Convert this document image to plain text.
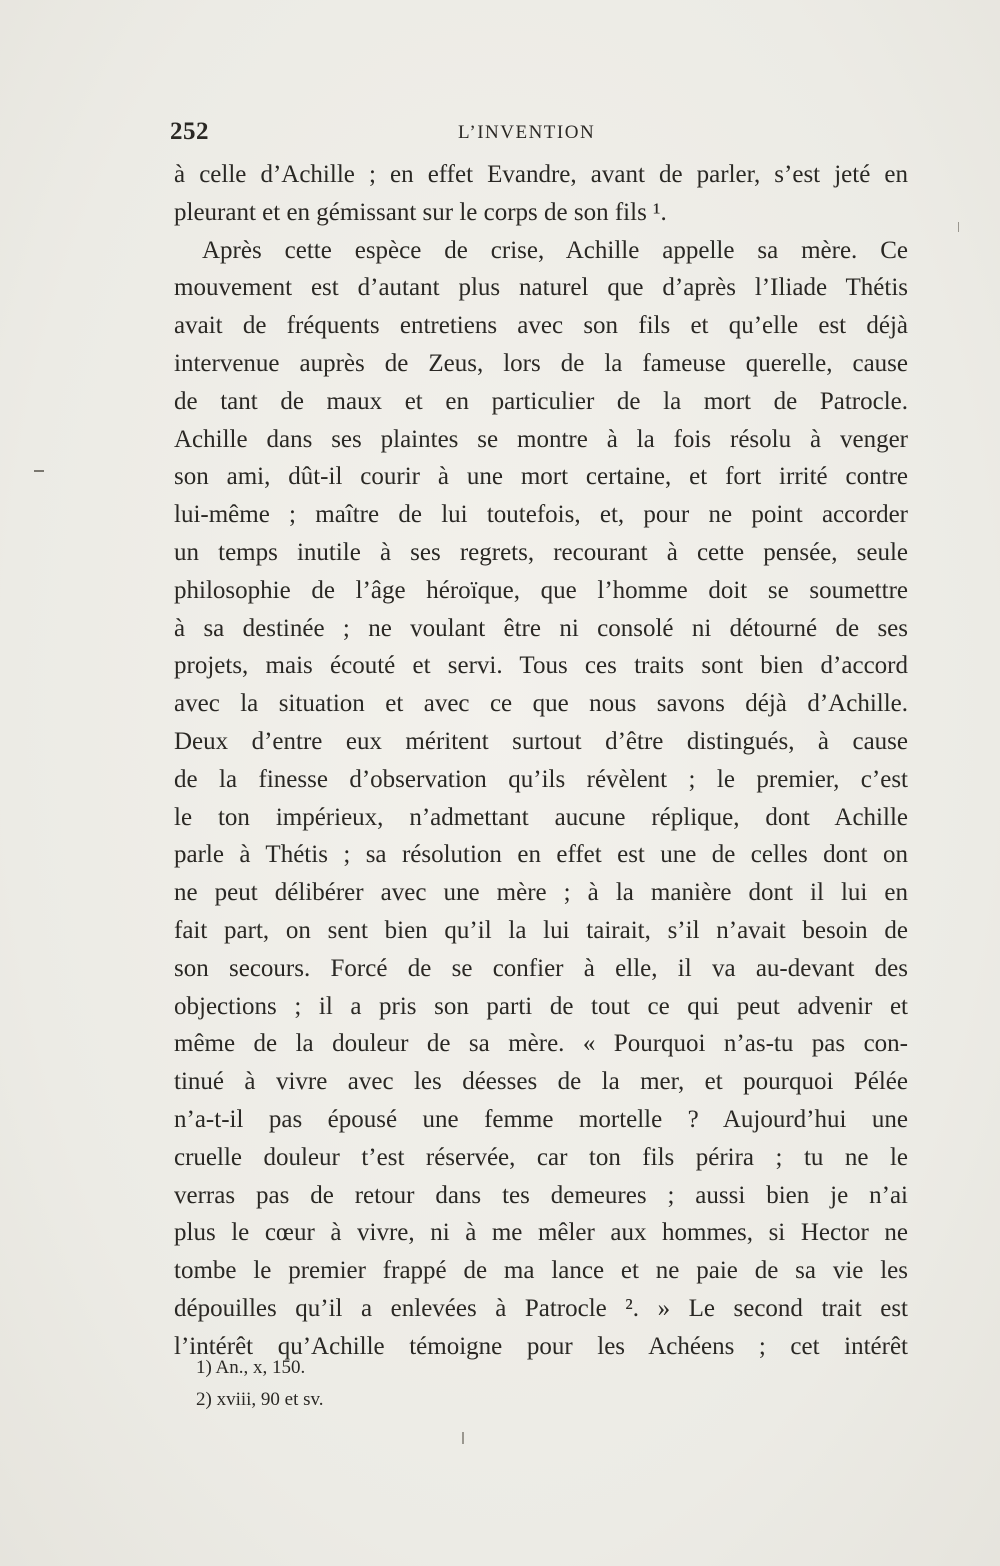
252	L’INVENTION
à celle d’Achille ; en effet Evandre, avant de parler, s’est jeté en
pleurant et en gémissant sur le corps de son fils ¹.
Après cette espèce de crise, Achille appelle sa mère. Ce
mouvement est d’autant plus naturel que d’après l’Iliade Thétis
avait de fréquents entretiens avec son fils et qu’elle est déjà
intervenue auprès de Zeus, lors de la fameuse querelle, cause
de tant de maux et en particulier de la mort de Patrocle.
Achille dans ses plaintes se montre à la fois résolu à venger
son ami, dût-il courir à une mort certaine, et fort irrité contre
lui-même ; maître de lui toutefois, et, pour ne point accorder
un temps inutile à ses regrets, recourant à cette pensée, seule
philosophie de l’âge héroïque, que l’homme doit se soumettre
à sa destinée ; ne voulant être ni consolé ni détourné de ses
projets, mais écouté et servi. Tous ces traits sont bien d’accord
avec la situation et avec ce que nous savons déjà d’Achille.
Deux d’entre eux méritent surtout d’être distingués, à cause
de la finesse d’observation qu’ils révèlent ; le premier, c’est
le ton impérieux, n’admettant aucune réplique, dont Achille
parle à Thétis ; sa résolution en effet est une de celles dont on
ne peut délibérer avec une mère ; à la manière dont il lui en
fait part, on sent bien qu’il la lui tairait, s’il n’avait besoin de
son secours. Forcé de se confier à elle, il va au-devant des
objections ; il a pris son parti de tout ce qui peut advenir et
même de la douleur de sa mère. « Pourquoi n’as-tu pas con-
tinué à vivre avec les déesses de la mer, et pourquoi Pélée
n’a-t-il pas épousé une femme mortelle ? Aujourd’hui une
cruelle douleur t’est réservée, car ton fils périra ; tu ne le
verras pas de retour dans tes demeures ; aussi bien je n’ai
plus le cœur à vivre, ni à me mêler aux hommes, si Hector ne
tombe le premier frappé de ma lance et ne paie de sa vie les
dépouilles qu’il a enlevées à Patrocle ². » Le second trait est
l’intérêt qu’Achille témoigne pour les Achéens ; cet intérêt
1) An., x, 150.
2) xviii, 90 et sv.
